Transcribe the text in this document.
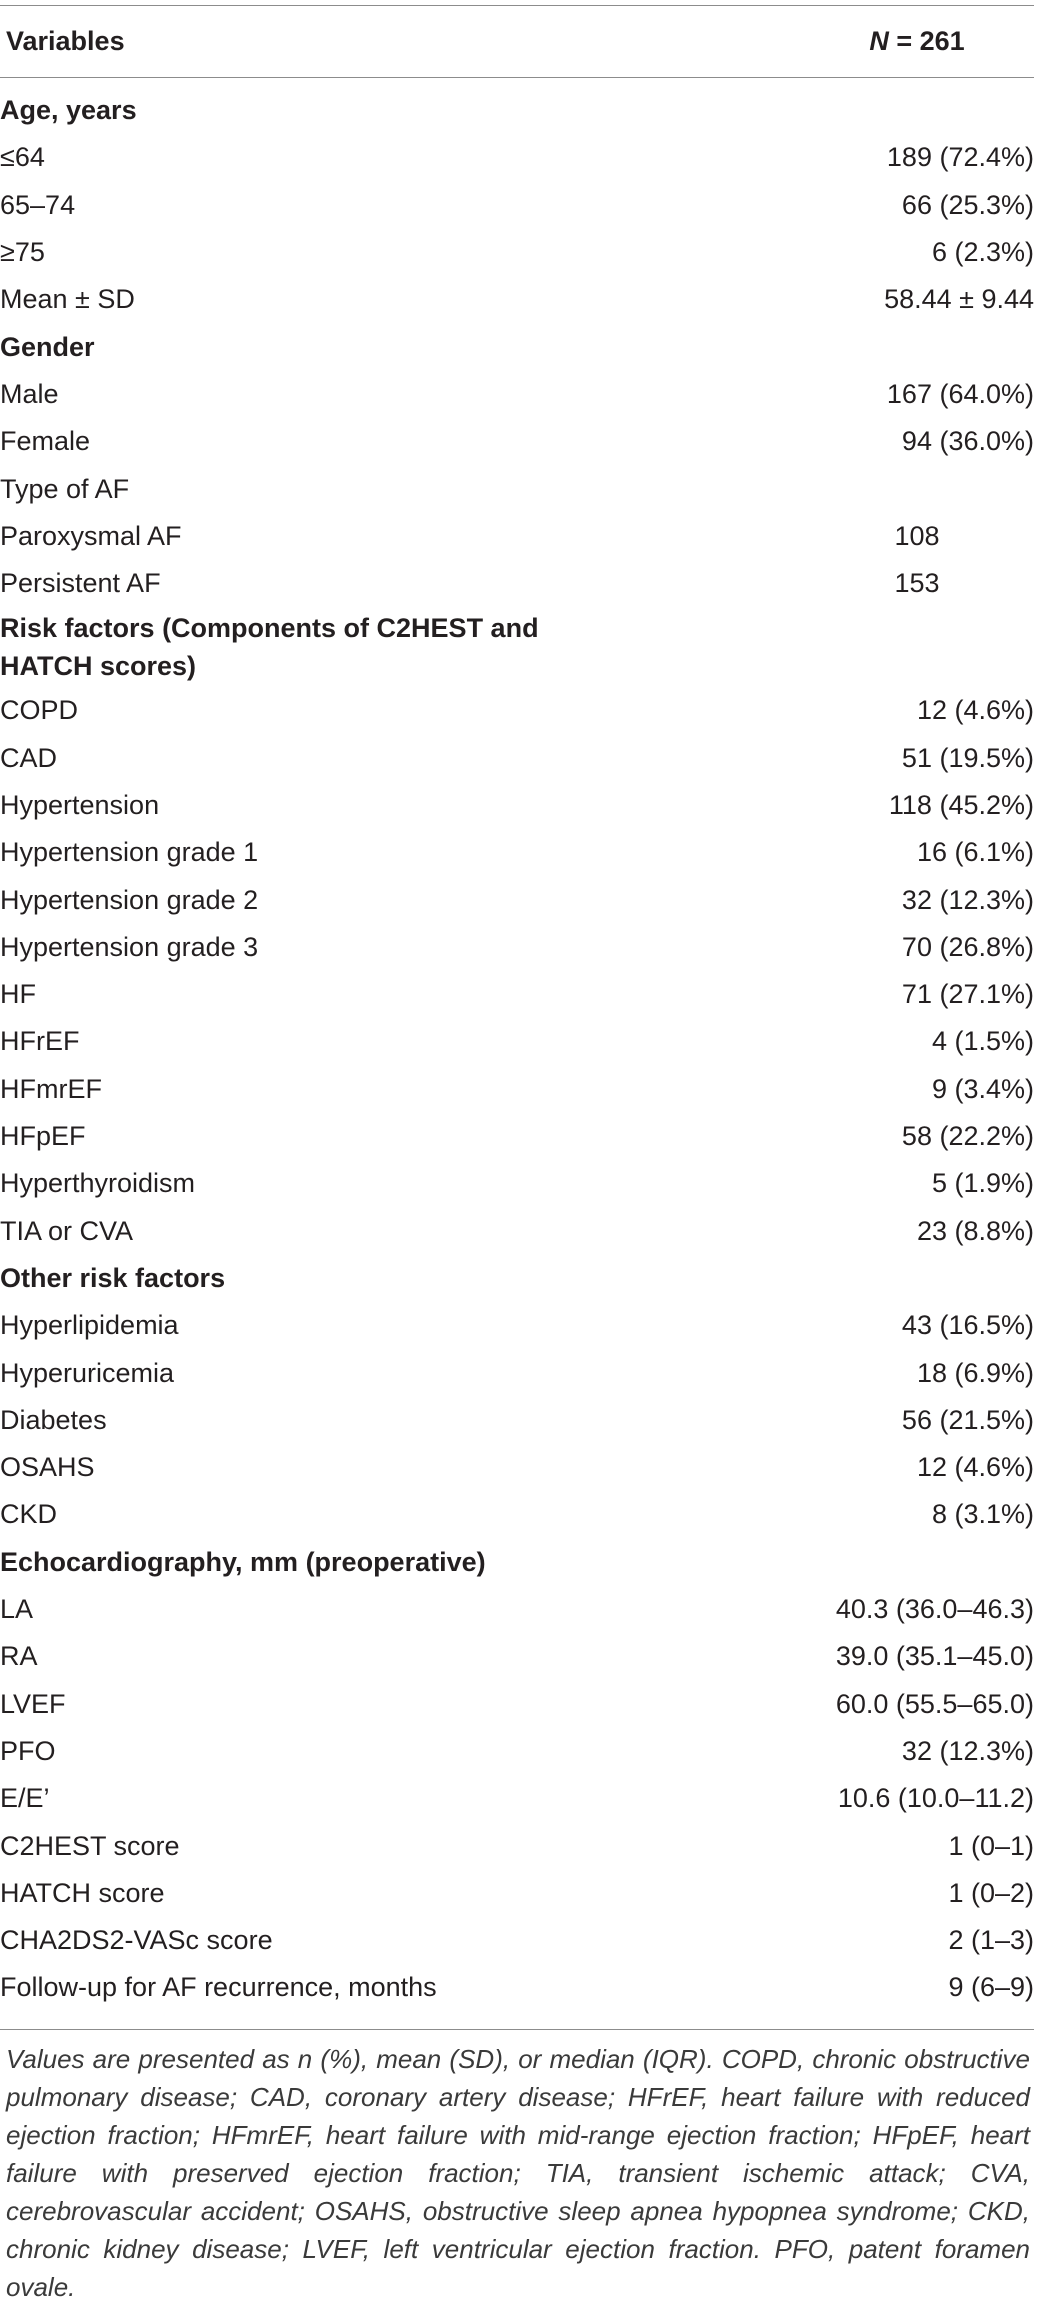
Variables	N = 261
Age, years	
≤64	189 (72.4%)
65–74	66 (25.3%)
≥75	6 (2.3%)
Mean ± SD	58.44 ± 9.44
Gender	
Male	167 (64.0%)
Female	94 (36.0%)
Type of AF	
Paroxysmal AF	108
Persistent AF	153
Risk factors (Components of C2HEST and HATCH scores)	
COPD	12 (4.6%)
CAD	51 (19.5%)
Hypertension	118 (45.2%)
Hypertension grade 1	16 (6.1%)
Hypertension grade 2	32 (12.3%)
Hypertension grade 3	70 (26.8%)
HF	71 (27.1%)
HFrEF	4 (1.5%)
HFmrEF	9 (3.4%)
HFpEF	58 (22.2%)
Hyperthyroidism	5 (1.9%)
TIA or CVA	23 (8.8%)
Other risk factors	
Hyperlipidemia	43 (16.5%)
Hyperuricemia	18 (6.9%)
Diabetes	56 (21.5%)
OSAHS	12 (4.6%)
CKD	8 (3.1%)
Echocardiography, mm (preoperative)	
LA	40.3 (36.0–46.3)
RA	39.0 (35.1–45.0)
LVEF	60.0 (55.5–65.0)
PFO	32 (12.3%)
E/E’	10.6 (10.0–11.2)
C2HEST score	1 (0–1)
HATCH score	1 (0–2)
CHA2DS2-VASc score	2 (1–3)
Follow-up for AF recurrence, months	9 (6–9)
Values are presented as n (%), mean (SD), or median (IQR). COPD, chronic obstructive pulmonary disease; CAD, coronary artery disease; HFrEF, heart failure with reduced ejection fraction; HFmrEF, heart failure with mid-range ejection fraction; HFpEF, heart failure with preserved ejection fraction; TIA, transient ischemic attack; CVA, cerebrovascular accident; OSAHS, obstructive sleep apnea hypopnea syndrome; CKD, chronic kidney disease; LVEF, left ventricular ejection fraction. PFO, patent foramen ovale.
